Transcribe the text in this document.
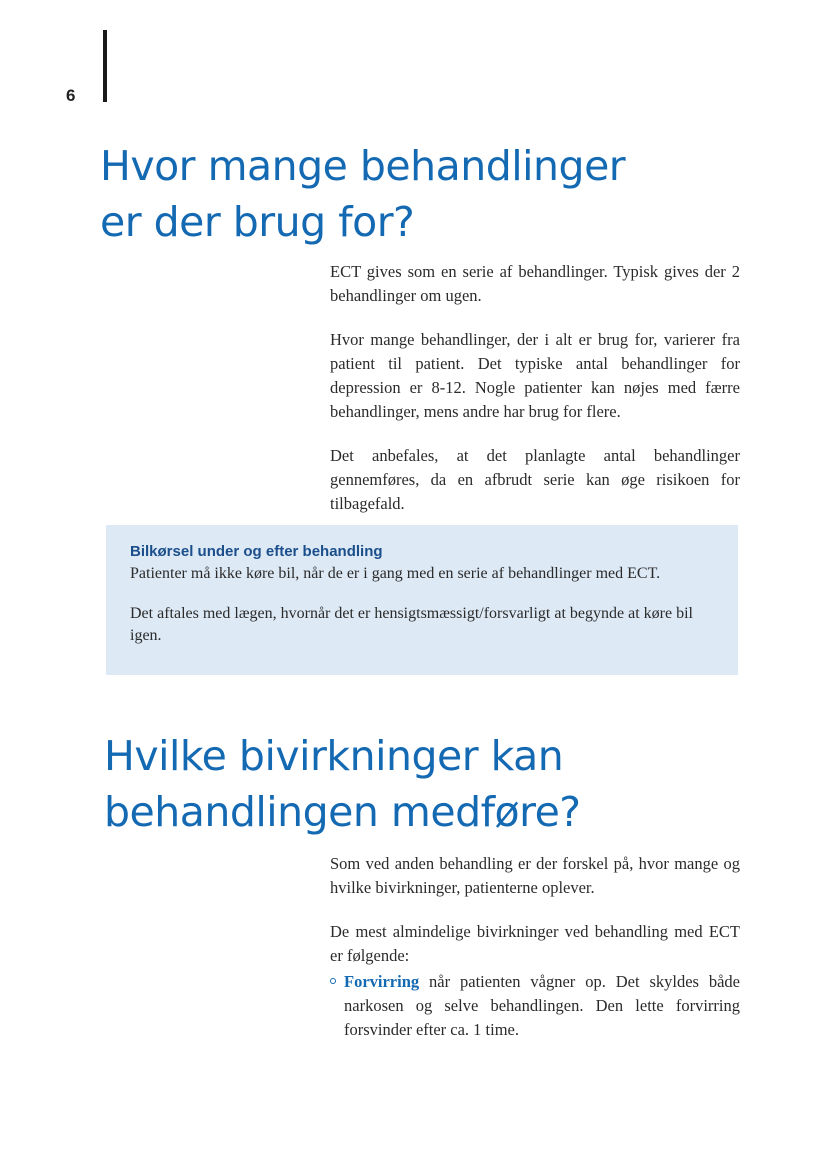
6
Hvor mange behandlinger
er der brug for?

ECT gives som en serie af behandlinger. Typisk gives der 2 behandlinger om ugen.

Hvor mange behandlinger, der i alt er brug for, varierer fra patient til patient. Det typiske antal behandlinger for depression er 8-12. Nogle patienter kan nøjes med færre behandlinger, mens andre har brug for flere.

Det anbefales, at det planlagte antal behandlinger gennemføres, da en afbrudt serie kan øge risikoen for tilbagefald.

Bilkørsel under og efter behandling

Patienter må ikke køre bil, når de er i gang med en serie af behandlinger med ECT.

Det aftales med lægen, hvornår det er hensigtsmæssigt/forsvarligt at begynde at køre bil igen.

Hvilke bivirkninger kan
behandlingen medføre?

Som ved anden behandling er der forskel på, hvor mange og hvilke bivirkninger, patienterne oplever.

De mest almindelige bivirkninger ved behandling med ECT er følgende:

Forvirring når patienten vågner op. Det skyldes både narkosen og selve behandlingen. Den lette forvirring forsvinder efter ca. 1 time.
